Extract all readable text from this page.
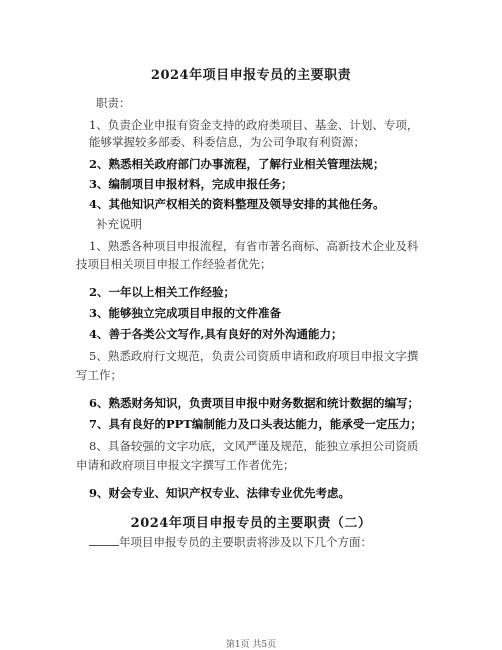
2024年项目申报专员的主要职责
职责：
1、负责企业申报有资金支持的政府类项目、基金、计划、专项，
能够掌握较多部委、科委信息，为公司争取有利资源；
2、熟悉相关政府部门办事流程，了解行业相关管理法规；
3、编制项目申报材料，完成申报任务；
4、其他知识产权相关的资料整理及领导安排的其他任务。
补充说明
1、熟悉各种项目申报流程，有省市著名商标、高新技术企业及科
技项目相关项目申报工作经验者优先；
2、一年以上相关工作经验；
3、能够独立完成项目申报的文件准备
4、善于各类公文写作,具有良好的对外沟通能力；
5、熟悉政府行文规范，负责公司资质申请和政府项目申报文字撰
写工作；
6、熟悉财务知识，负责项目申报中财务数据和统计数据的编写；
7、具有良好的PPT编制能力及口头表达能力，能承受一定压力；
8、具备较强的文字功底，文风严谨及规范，能独立承担公司资质
申请和政府项目申报文字撰写工作者优先；
9、财会专业、知识产权专业、法律专业优先考虑。
2024年项目申报专员的主要职责（二）
年项目申报专员的主要职责将涉及以下几个方面：
第1页 共5页
